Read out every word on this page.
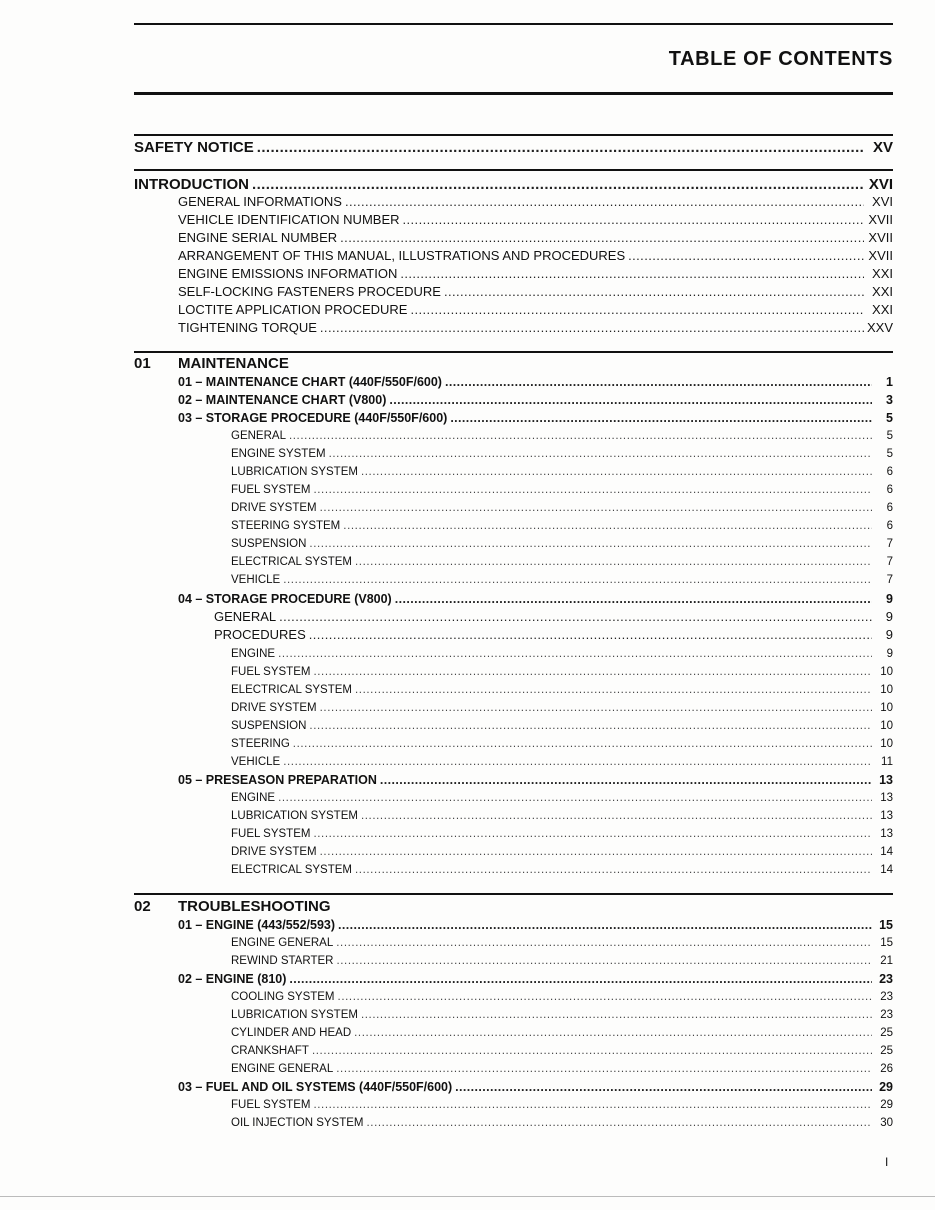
TABLE OF CONTENTS
SAFETY NOTICE .....	XV
INTRODUCTION .....	XVI
GENERAL INFORMATIONS .....	XVI
VEHICLE IDENTIFICATION NUMBER .....	XVII
ENGINE SERIAL NUMBER .....	XVII
ARRANGEMENT OF THIS MANUAL, ILLUSTRATIONS AND PROCEDURES .....	XVII
ENGINE EMISSIONS INFORMATION .....	XXI
SELF-LOCKING FASTENERS PROCEDURE .....	XXI
LOCTITE APPLICATION PROCEDURE .....	XXI
TIGHTENING TORQUE .....	XXV
01	MAINTENANCE
01 – MAINTENANCE CHART (440F/550F/600) .....	1
02 – MAINTENANCE CHART (V800) .....	3
03 – STORAGE PROCEDURE (440F/550F/600) .....	5
GENERAL .....	5
ENGINE SYSTEM .....	5
LUBRICATION SYSTEM .....	6
FUEL SYSTEM .....	6
DRIVE SYSTEM .....	6
STEERING SYSTEM .....	6
SUSPENSION .....	7
ELECTRICAL SYSTEM .....	7
VEHICLE .....	7
04 – STORAGE PROCEDURE (V800) .....	9
GENERAL .....	9
PROCEDURES .....	9
ENGINE .....	9
FUEL SYSTEM .....	10
ELECTRICAL SYSTEM .....	10
DRIVE SYSTEM .....	10
SUSPENSION .....	10
STEERING .....	10
VEHICLE .....	11
05 – PRESEASON PREPARATION .....	13
ENGINE .....	13
LUBRICATION SYSTEM .....	13
FUEL SYSTEM .....	13
DRIVE SYSTEM .....	14
ELECTRICAL SYSTEM .....	14
02	TROUBLESHOOTING
01 – ENGINE (443/552/593) .....	15
ENGINE GENERAL .....	15
REWIND STARTER .....	21
02 – ENGINE (810) .....	23
COOLING SYSTEM .....	23
LUBRICATION SYSTEM .....	23
CYLINDER AND HEAD .....	25
CRANKSHAFT .....	25
ENGINE GENERAL .....	26
03 – FUEL AND OIL SYSTEMS (440F/550F/600) .....	29
FUEL SYSTEM .....	29
OIL INJECTION SYSTEM .....	30
I
